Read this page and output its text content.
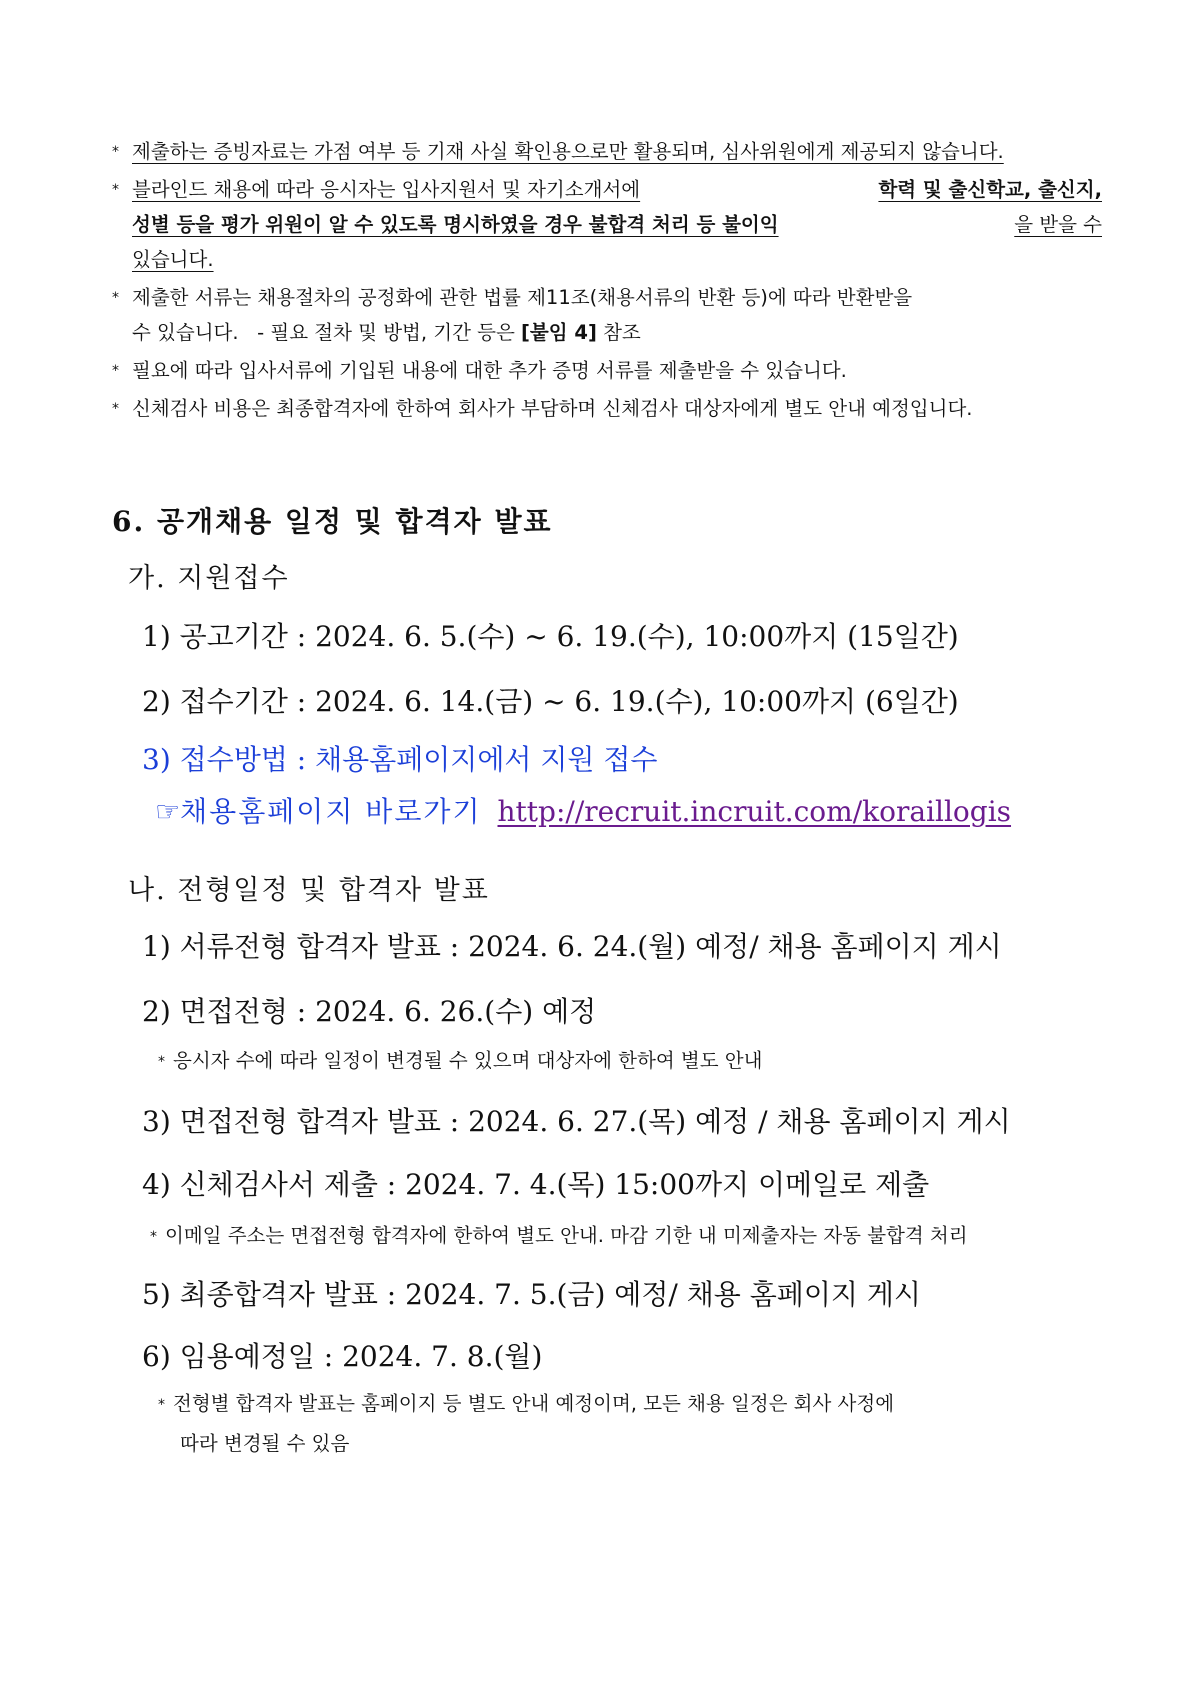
* 제출하는 증빙자료는 가점 여부 등 기재 사실 확인용으로만 활용되며, 심사위원에게 제공되지 않습니다.
* 블라인드 채용에 따라 응시자는 입사지원서 및 자기소개서에	학력 및 출신학교, 출신지,
성별 등을 평가 위원이 알 수 있도록 명시하였을 경우 불합격 처리 등 불이익	을 받을 수
있습니다.
* 제출한 서류는 채용절차의 공정화에 관한 법률 제11조(채용서류의 반환 등)에 따라 반환받을
수 있습니다.   - 필요 절차 및 방법, 기간 등은 [붙임 4] 참조
* 필요에 따라 입사서류에 기입된 내용에 대한 추가 증명 서류를 제출받을 수 있습니다.
* 신체검사 비용은 최종합격자에 한하여 회사가 부담하며 신체검사 대상자에게 별도 안내 예정입니다.
6. 공개채용 일정 및 합격자 발표
가. 지원접수
1) 공고기간 : 2024. 6. 5.(수) ~ 6. 19.(수), 10:00까지 (15일간)
2) 접수기간 : 2024. 6. 14.(금) ~ 6. 19.(수), 10:00까지 (6일간)
3) 접수방법 : 채용홈페이지에서 지원 접수
☞채용홈페이지 바로가기 http://recruit.incruit.com/koraillogis
나. 전형일정 및 합격자 발표
1) 서류전형 합격자 발표 : 2024. 6. 24.(월) 예정/ 채용 홈페이지 게시
2) 면접전형 : 2024. 6. 26.(수) 예정
* 응시자 수에 따라 일정이 변경될 수 있으며 대상자에 한하여 별도 안내
3) 면접전형 합격자 발표 : 2024. 6. 27.(목) 예정 / 채용 홈페이지 게시
4) 신체검사서 제출 : 2024. 7. 4.(목) 15:00까지 이메일로 제출
* 이메일 주소는 면접전형 합격자에 한하여 별도 안내. 마감 기한 내 미제출자는 자동 불합격 처리
5) 최종합격자 발표 : 2024. 7. 5.(금) 예정/ 채용 홈페이지 게시
6) 임용예정일 : 2024. 7. 8.(월)
* 전형별 합격자 발표는 홈페이지 등 별도 안내 예정이며, 모든 채용 일정은 회사 사정에
따라 변경될 수 있음
